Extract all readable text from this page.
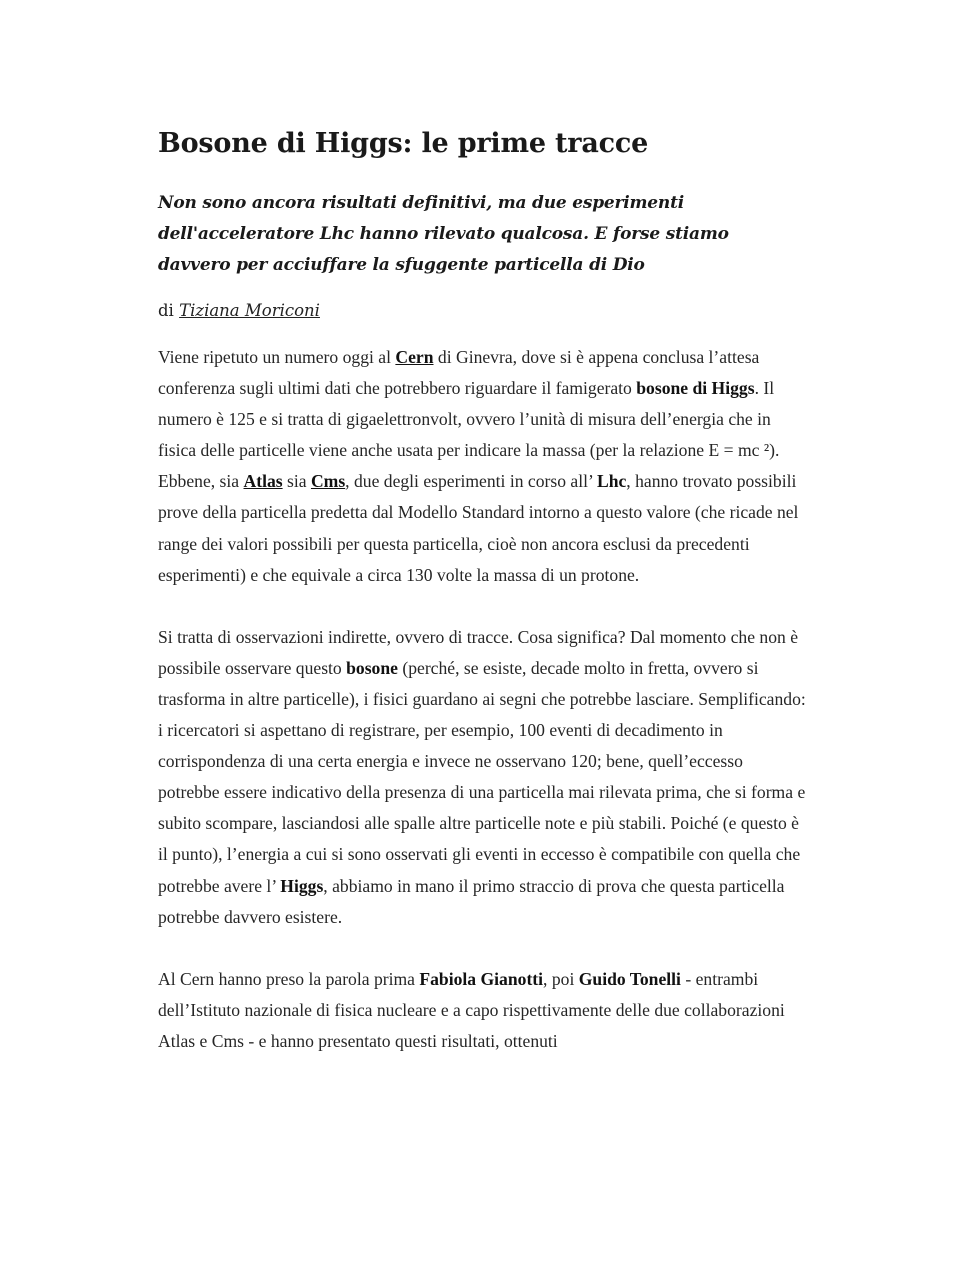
Bosone di Higgs: le prime tracce
Non sono ancora risultati definitivi, ma due esperimenti dell'acceleratore Lhc hanno rilevato qualcosa. E forse stiamo davvero per acciuffare la sfuggente particella di Dio
di Tiziana Moriconi

Viene ripetuto un numero oggi al Cern di Ginevra, dove si è appena conclusa l’attesa conferenza sugli ultimi dati che potrebbero riguardare il famigerato bosone di Higgs. Il numero è 125 e si tratta di gigaelettronvolt, ovvero l’unità di misura dell’energia che in fisica delle particelle viene anche usata per indicare la massa (per la relazione E = mc ²). Ebbene, sia Atlas sia Cms, due degli esperimenti in corso all’ Lhc, hanno trovato possibili prove della particella predetta dal Modello Standard intorno a questo valore (che ricade nel range dei valori possibili per questa particella, cioè non ancora esclusi da precedenti esperimenti) e che equivale a circa 130 volte la massa di un protone.

Si tratta di osservazioni indirette, ovvero di tracce. Cosa significa? Dal momento che non è possibile osservare questo bosone (perché, se esiste, decade molto in fretta, ovvero si trasforma in altre particelle), i fisici guardano ai segni che potrebbe lasciare. Semplificando: i ricercatori si aspettano di registrare, per esempio, 100 eventi di decadimento in corrispondenza di una certa energia e invece ne osservano 120; bene, quell’eccesso potrebbe essere indicativo della presenza di una particella mai rilevata prima, che si forma e subito scompare, lasciandosi alle spalle altre particelle note e più stabili. Poiché (e questo è il punto), l’energia a cui si sono osservati gli eventi in eccesso è compatibile con quella che potrebbe avere l’ Higgs, abbiamo in mano il primo straccio di prova che questa particella potrebbe davvero esistere.

Al Cern hanno preso la parola prima Fabiola Gianotti, poi Guido Tonelli - entrambi dell’Istituto nazionale di fisica nucleare e a capo rispettivamente delle due collaborazioni Atlas e Cms - e hanno presentato questi risultati, ottenuti
